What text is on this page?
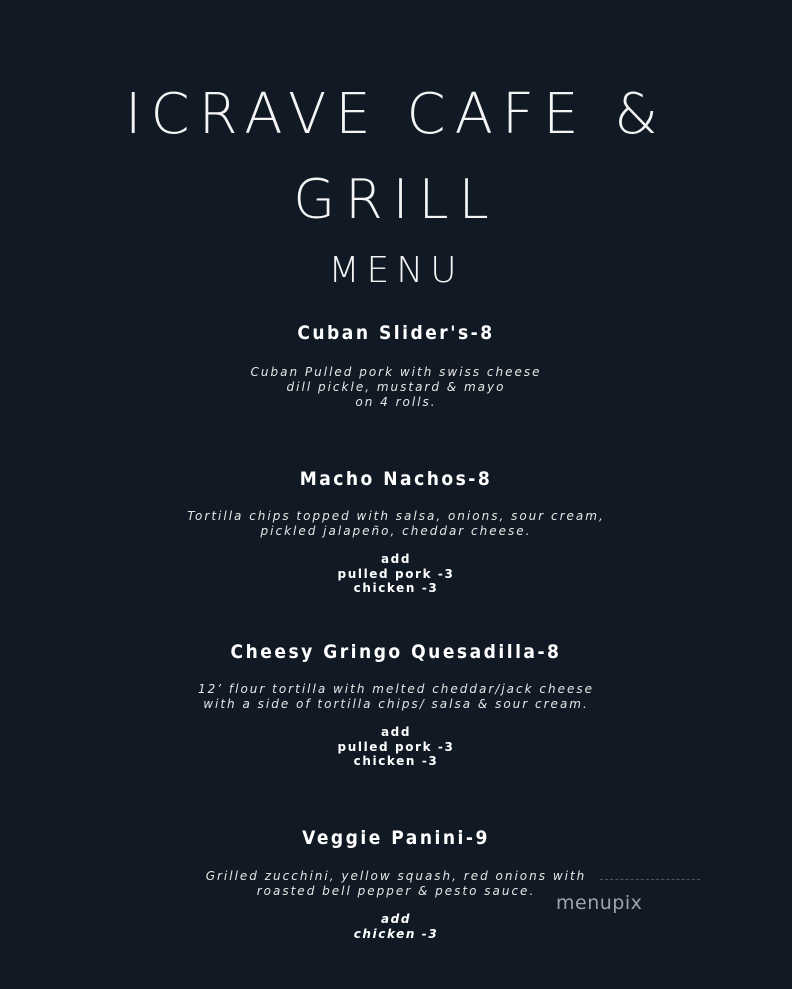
ICRAVE CAFE &
GRILL
MENU
Cuban Slider's-8
Cuban Pulled pork with swiss cheese
dill pickle, mustard & mayo
on 4 rolls.
Macho Nachos-8
Tortilla chips topped with salsa, onions, sour cream,
pickled jalapeño, cheddar cheese.
add
pulled pork -3
chicken -3
Cheesy Gringo Quesadilla-8
12’ flour tortilla with melted cheddar/jack cheese
with a side of tortilla chips/ salsa & sour cream.
add
pulled pork -3
chicken -3
Veggie Panini-9
Grilled zucchini, yellow squash, red onions with
roasted bell pepper & pesto sauce.
add
chicken -3
menupix
